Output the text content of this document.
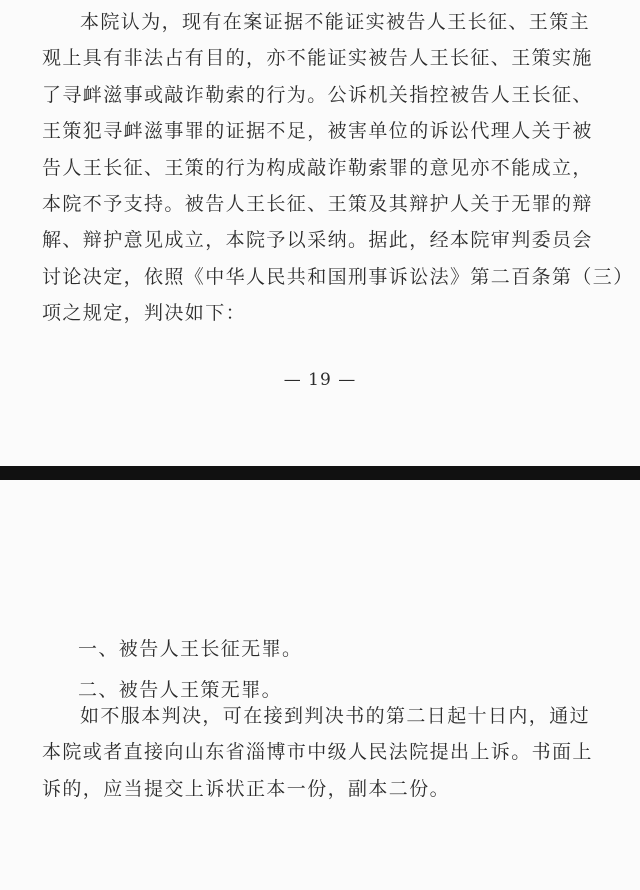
本院认为，现有在案证据不能证实被告人王长征、王策主
观上具有非法占有目的，亦不能证实被告人王长征、王策实施
了寻衅滋事或敲诈勒索的行为。公诉机关指控被告人王长征、
王策犯寻衅滋事罪的证据不足，被害单位的诉讼代理人关于被
告人王长征、王策的行为构成敲诈勒索罪的意见亦不能成立，
本院不予支持。被告人王长征、王策及其辩护人关于无罪的辩
解、辩护意见成立，本院予以采纳。据此，经本院审判委员会
讨论决定，依照《中华人民共和国刑事诉讼法》第二百条第（三）
项之规定，判决如下：

— 19 —

一、被告人王长征无罪。

二、被告人王策无罪。

如不服本判决，可在接到判决书的第二日起十日内，通过
本院或者直接向山东省淄博市中级人民法院提出上诉。书面上
诉的，应当提交上诉状正本一份，副本二份。
